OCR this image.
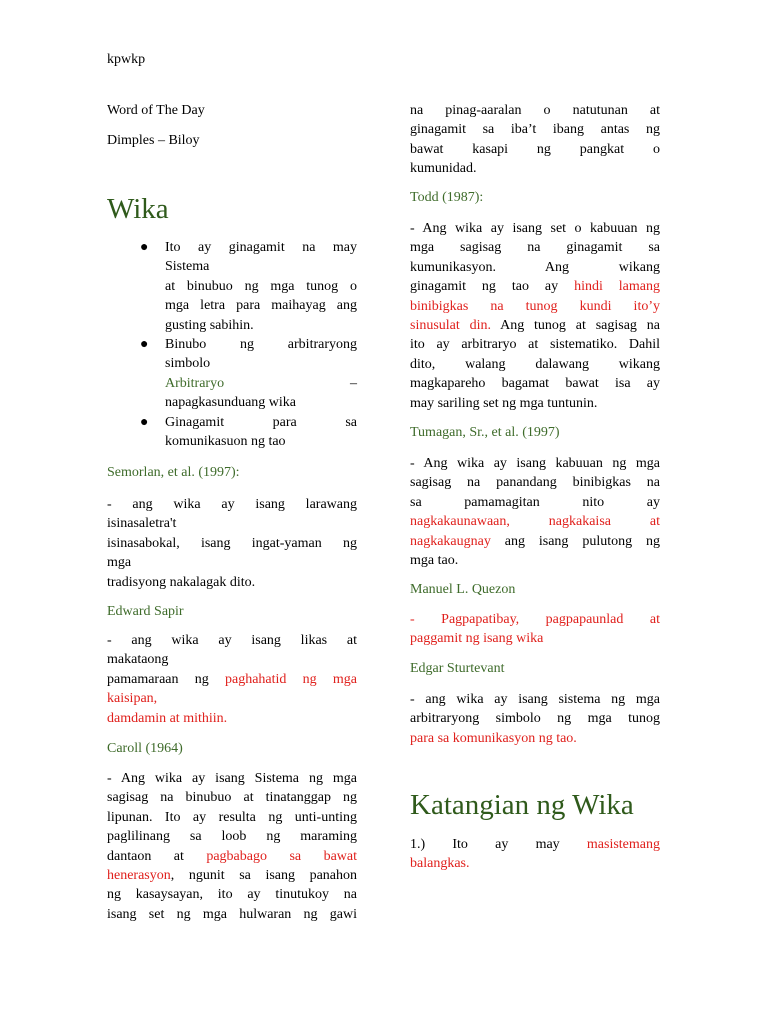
kpwkp
Word of The Day
Dimples – Biloy
Wika
● Ito ay ginagamit na may
Sistema
at binubuo ng mga tunog o
mga letra para maihayag ang
gusting sabihin.
● Binubo ng arbitraryong
simbolo
Arbitraryo	–
napagkasunduang wika
● Ginagamit para sa
komunikasuon ng tao
Semorlan, et al. (1997):
- ang wika ay isang larawang
isinasaletra't
isinasabokal, isang ingat-yaman ng
mga
tradisyong nakalagak dito.
Edward Sapir
- ang wika ay isang likas at
makataong
pamamaraan ng paghahatid ng mga
kaisipan,
damdamin at mithiin.
Caroll (1964)
- Ang wika ay isang Sistema ng mga
sagisag na binubuo at tinatanggap ng
lipunan. Ito ay resulta ng unti-unting
paglilinang sa loob ng maraming
dantaon at pagbabago sa bawat
henerasyon, ngunit sa isang panahon
ng kasaysayan, ito ay tinutukoy na
isang set ng mga hulwaran ng gawi
na pinag-aaralan o natutunan at
ginagamit sa iba’t ibang antas ng
bawat kasapi ng pangkat o
kumunidad.
Todd (1987):
- Ang wika ay isang set o kabuuan ng
mga sagisag na ginagamit sa
kumunikasyon. Ang wikang
ginagamit ng tao ay hindi lamang
binibigkas na tunog kundi ito’y
sinusulat din. Ang tunog at sagisag na
ito ay arbitraryo at sistematiko. Dahil
dito, walang dalawang wikang
magkapareho bagamat bawat isa ay
may sariling set ng mga tuntunin.
Tumagan, Sr., et al. (1997)
- Ang wika ay isang kabuuan ng mga
sagisag na panandang binibigkas na
sa pamamagitan nito ay
nagkakaunawaan, nagkakaisa at
nagkakaugnay ang isang pulutong ng
mga tao.
Manuel L. Quezon
- Pagpapatibay, pagpapaunlad at
paggamit ng isang wika
Edgar Sturtevant
- ang wika ay isang sistema ng mga
arbitraryong simbolo ng mga tunog
para sa komunikasyon ng tao.
Katangian ng Wika
1.) Ito ay may masistemang
balangkas.
